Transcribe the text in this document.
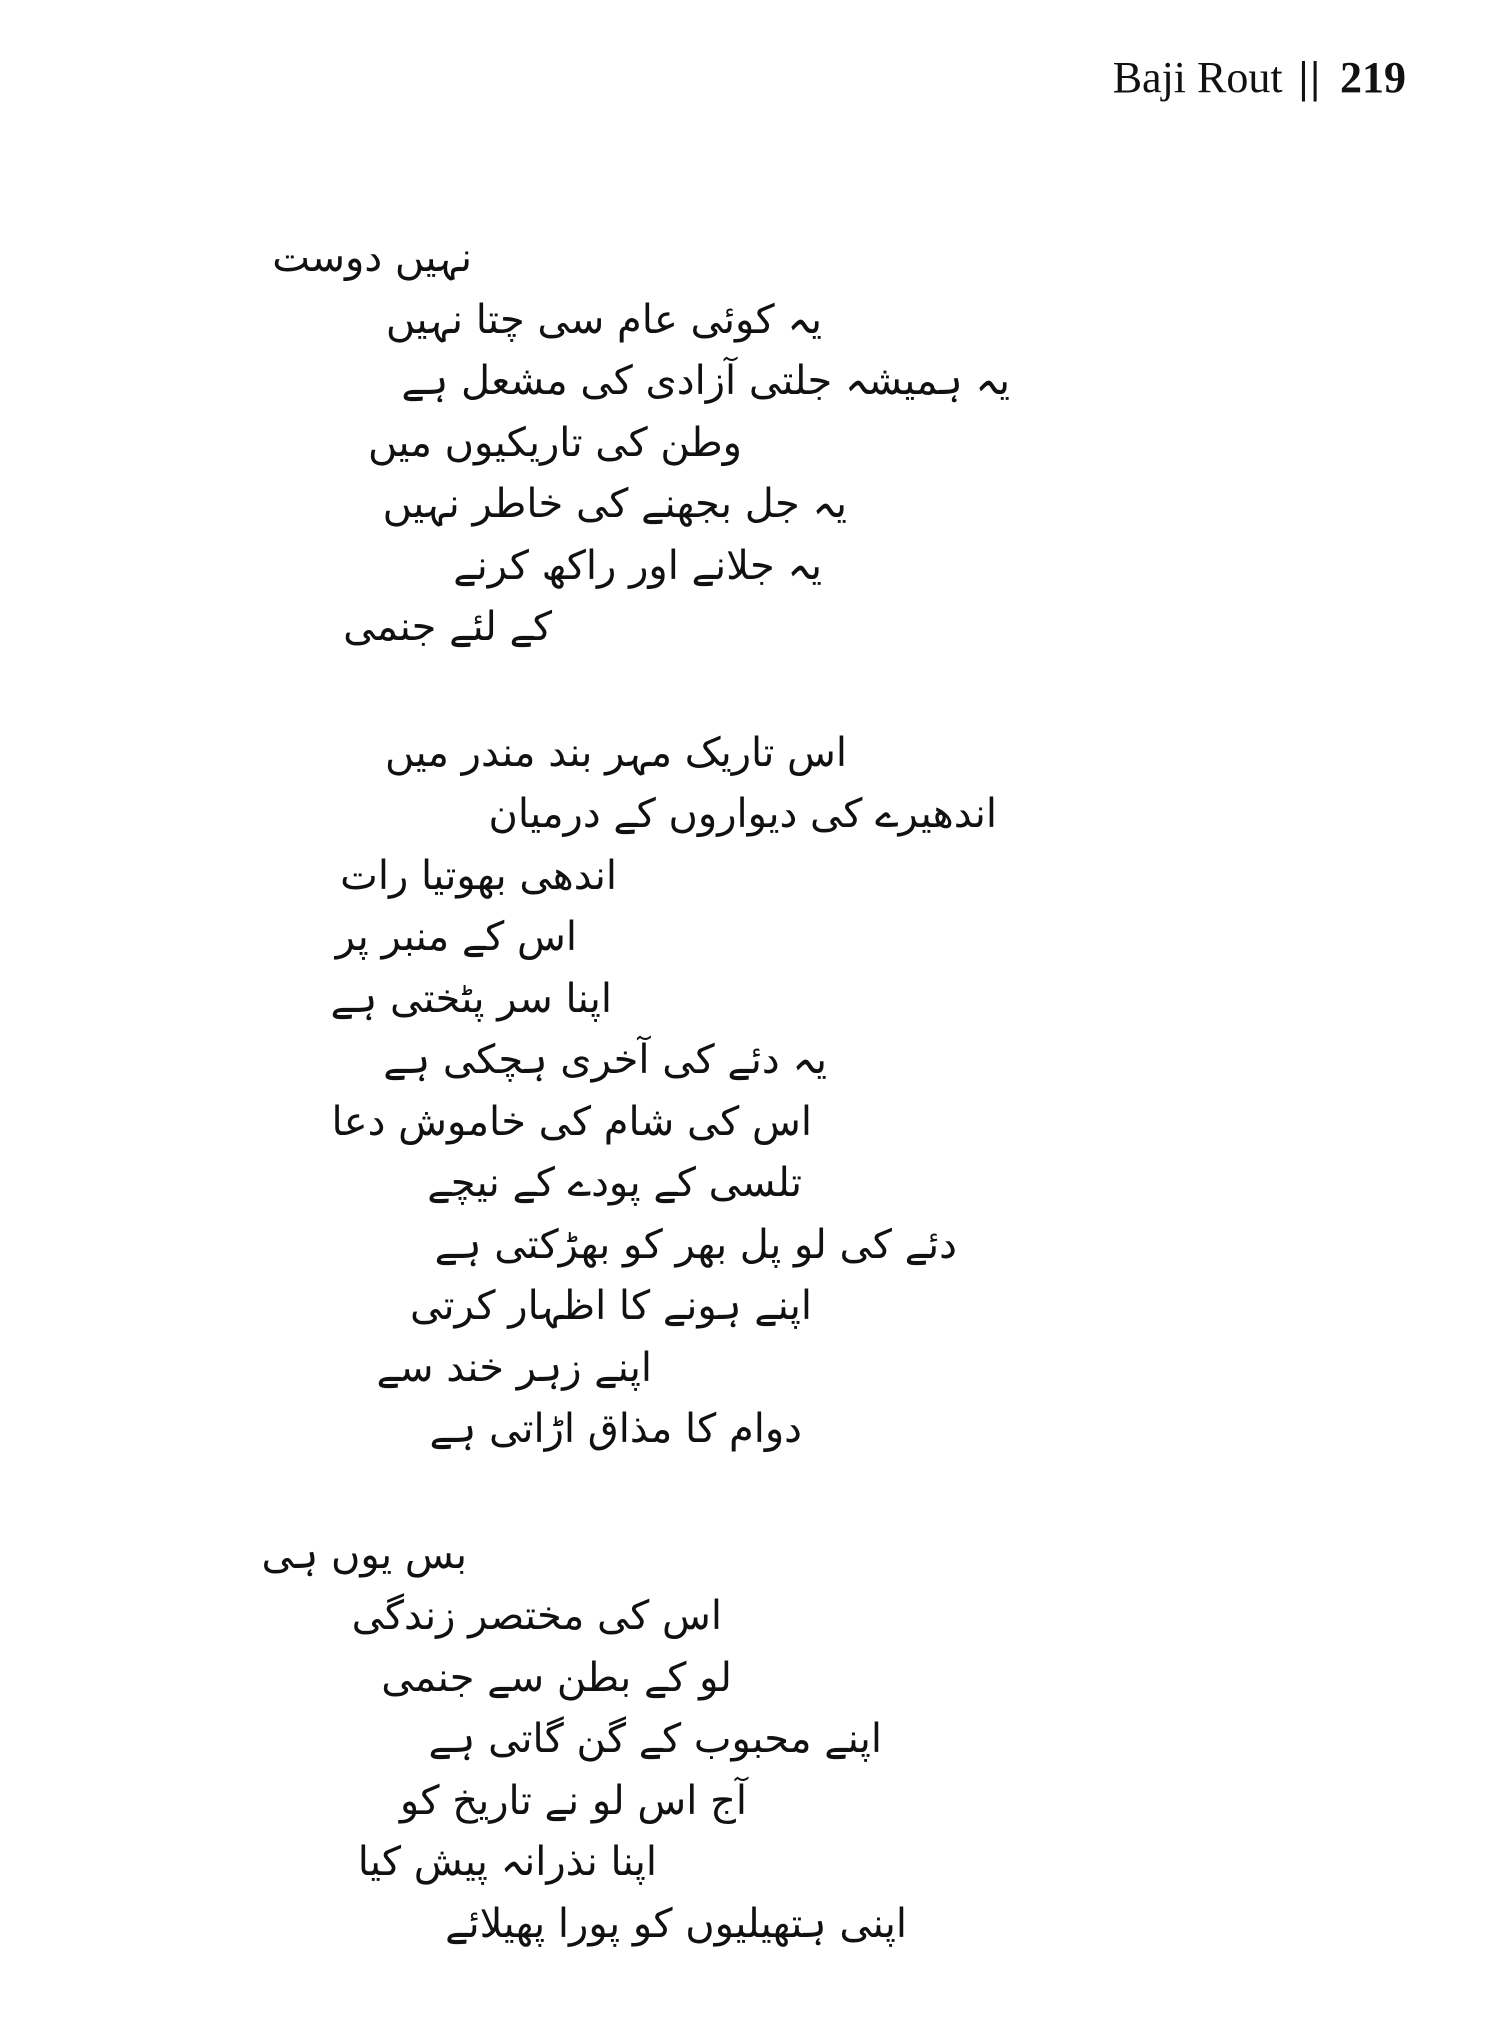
Baji Rout || 219
نہیں دوست
یہ کوئی عام سی چتا نہیں
یہ ہمیشہ جلتی آزادی کی مشعل ہے
وطن کی تاریکیوں میں
یہ جل بجھنے کی خاطر نہیں
یہ جلانے اور راکھ کرنے
کے لئے جنمی
اس تاریک مہر بند مندر میں
اندھیرے کی دیواروں کے درمیان
اندھی بھوتیا رات
اس کے منبر پر
اپنا سر پٹختی ہے
یہ دئے کی آخری ہچکی ہے
اس کی شام کی خاموش دعا
تلسی کے پودے کے نیچے
دئے کی لو پل بھر کو بھڑکتی ہے
اپنے ہونے کا اظہار کرتی
اپنے زہر خند سے
دوام کا مذاق اڑاتی ہے
بس یوں ہی
اس کی مختصر زندگی
لو کے بطن سے جنمی
اپنے محبوب کے گن گاتی ہے
آج اس لو نے تاریخ کو
اپنا نذرانہ پیش کیا
اپنی ہتھیلیوں کو پورا پھیلائے
